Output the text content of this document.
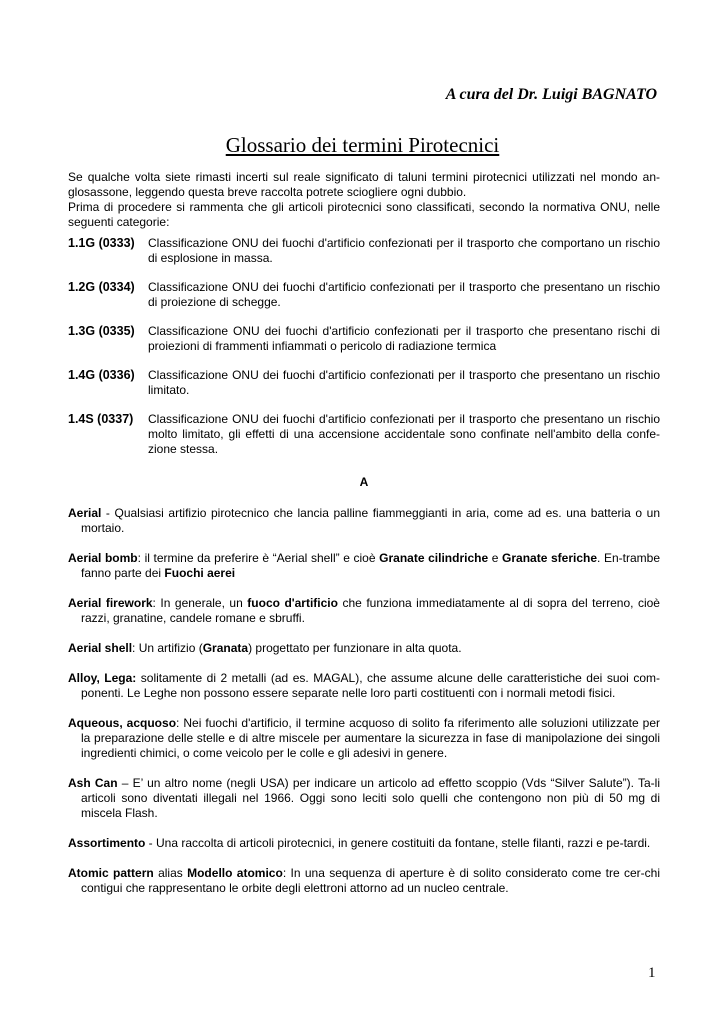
A cura del Dr. Luigi BAGNATO
Glossario dei termini Pirotecnici

Se qualche volta siete rimasti incerti sul reale significato di taluni termini pirotecnici utilizzati nel mondo an-glosassone, leggendo questa breve raccolta potrete sciogliere ogni dubbio.
Prima di procedere si rammenta che gli articoli pirotecnici sono classificati, secondo la normativa ONU, nelle seguenti categorie:

1.1G (0333)	Classificazione ONU dei fuochi d'artificio confezionati per il trasporto che comportano un rischio di esplosione in massa.
1.2G (0334)	Classificazione ONU dei fuochi d'artificio confezionati per il trasporto che presentano un rischio di proiezione di schegge.
1.3G (0335)	Classificazione ONU dei fuochi d'artificio confezionati per il trasporto che presentano rischi di proiezioni di frammenti infiammati o pericolo di radiazione termica
1.4G (0336)	Classificazione ONU dei fuochi d'artificio confezionati per il trasporto che presentano un rischio limitato.
1.4S (0337)	Classificazione ONU dei fuochi d'artificio confezionati per il trasporto che presentano un rischio molto limitato, gli effetti di una accensione accidentale sono confinate nell'ambito della confe-zione stessa.
A

Aerial - Qualsiasi artifizio pirotecnico che lancia palline fiammeggianti in aria, come ad es. una batteria o un mortaio.

Aerial bomb: il termine da preferire è “Aerial shell” e cioè Granate cilindriche e Granate sferiche. En-trambe fanno parte dei Fuochi aerei

Aerial firework: In generale, un fuoco d'artificio che funziona immediatamente al di sopra del terreno, cioè razzi, granatine, candele romane e sbruffi.

Aerial shell: Un artifizio (Granata) progettato per funzionare in alta quota.

Alloy, Lega: solitamente di 2 metalli (ad es. MAGAL), che assume alcune delle caratteristiche dei suoi com-ponenti. Le Leghe non possono essere separate nelle loro parti costituenti con i normali metodi fisici.

Aqueous, acquoso: Nei fuochi d'artificio, il termine acquoso di solito fa riferimento alle soluzioni utilizzate per la preparazione delle stelle e di altre miscele per aumentare la sicurezza in fase di manipolazione dei singoli ingredienti chimici, o come veicolo per le colle e gli adesivi in genere.

Ash Can – E’ un altro nome (negli USA) per indicare un articolo ad effetto scoppio (Vds “Silver Salute”). Ta-li articoli sono diventati illegali nel 1966. Oggi sono leciti solo quelli che contengono non più di 50 mg di miscela Flash.

Assortimento - Una raccolta di articoli pirotecnici, in genere costituiti da fontane, stelle filanti, razzi e pe-tardi.

Atomic pattern alias Modello atomico: In una sequenza di aperture è di solito considerato come tre cer-chi contigui che rappresentano le orbite degli elettroni attorno ad un nucleo centrale.

1
